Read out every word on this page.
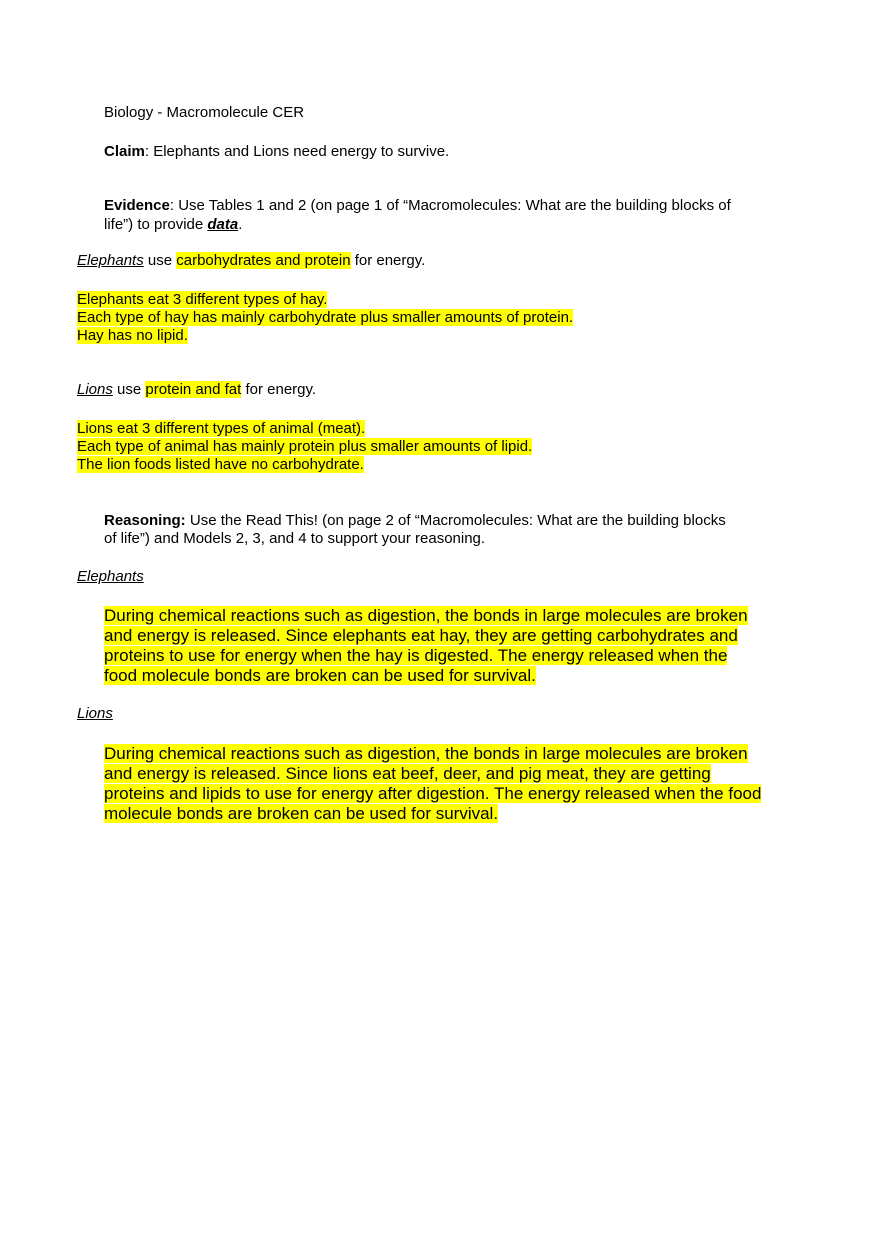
Biology - Macromolecule CER
Claim: Elephants and Lions need energy to survive.
Evidence: Use Tables 1 and 2 (on page 1 of “Macromolecules: What are the building blocks of
life”) to provide data.
Elephants use carbohydrates and protein for energy.
Elephants eat 3 different types of hay.
Each type of hay has mainly carbohydrate plus smaller amounts of protein.
Hay has no lipid.
Lions use protein and fat for energy.
Lions eat 3 different types of animal (meat).
Each type of animal has mainly protein plus smaller amounts of lipid.
The lion foods listed have no carbohydrate.
Reasoning: Use the Read This! (on page 2 of “Macromolecules: What are the building blocks
of life”) and Models 2, 3, and 4 to support your reasoning.
Elephants
During chemical reactions such as digestion, the bonds in large molecules are broken
and energy is released. Since elephants eat hay, they are getting carbohydrates and
proteins to use for energy when the hay is digested. The energy released when the
food molecule bonds are broken can be used for survival.
Lions
During chemical reactions such as digestion, the bonds in large molecules are broken
and energy is released. Since lions eat beef, deer, and pig meat, they are getting
proteins and lipids to use for energy after digestion. The energy released when the food
molecule bonds are broken can be used for survival.
